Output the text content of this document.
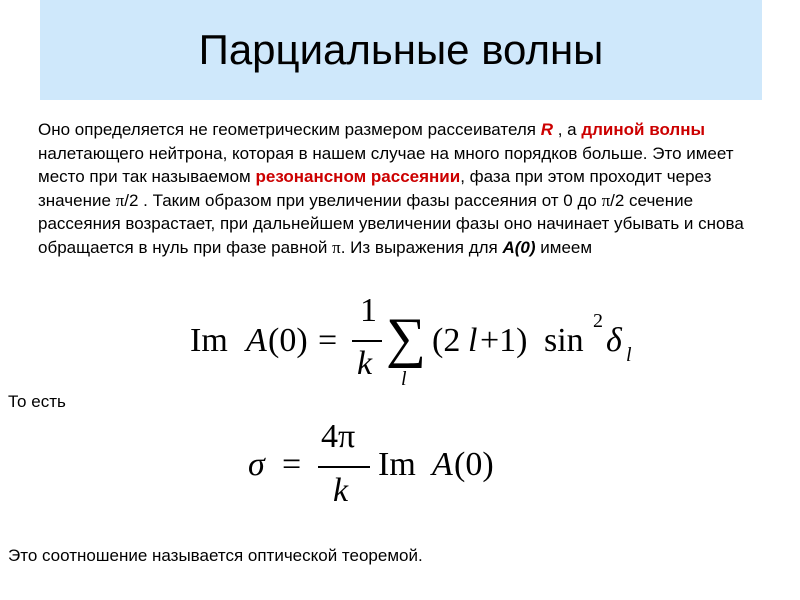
Парциальные волны

Оно определяется не геометрическим размером рассеивателя R , а длиной волны налетающего нейтрона, которая в нашем случае на много порядков больше. Это имеет место при так называемом резонансном рассеянии, фаза при этом проходит через значение π/2 . Таким образом при увеличении фазы рассеяния от 0 до π/2 сечение рассеяния возрастает, при дальнейшем увеличении фазы оно начинает убывать и снова обращается в нуль при фазе равной π. Из выражения для A(0) имеем

Im A (0) =
1
k ∑
l
(2 l +1) sin
2
δ l
То есть
σ =
4π
k
Im A (0)
Это соотношение называется оптической теоремой.
